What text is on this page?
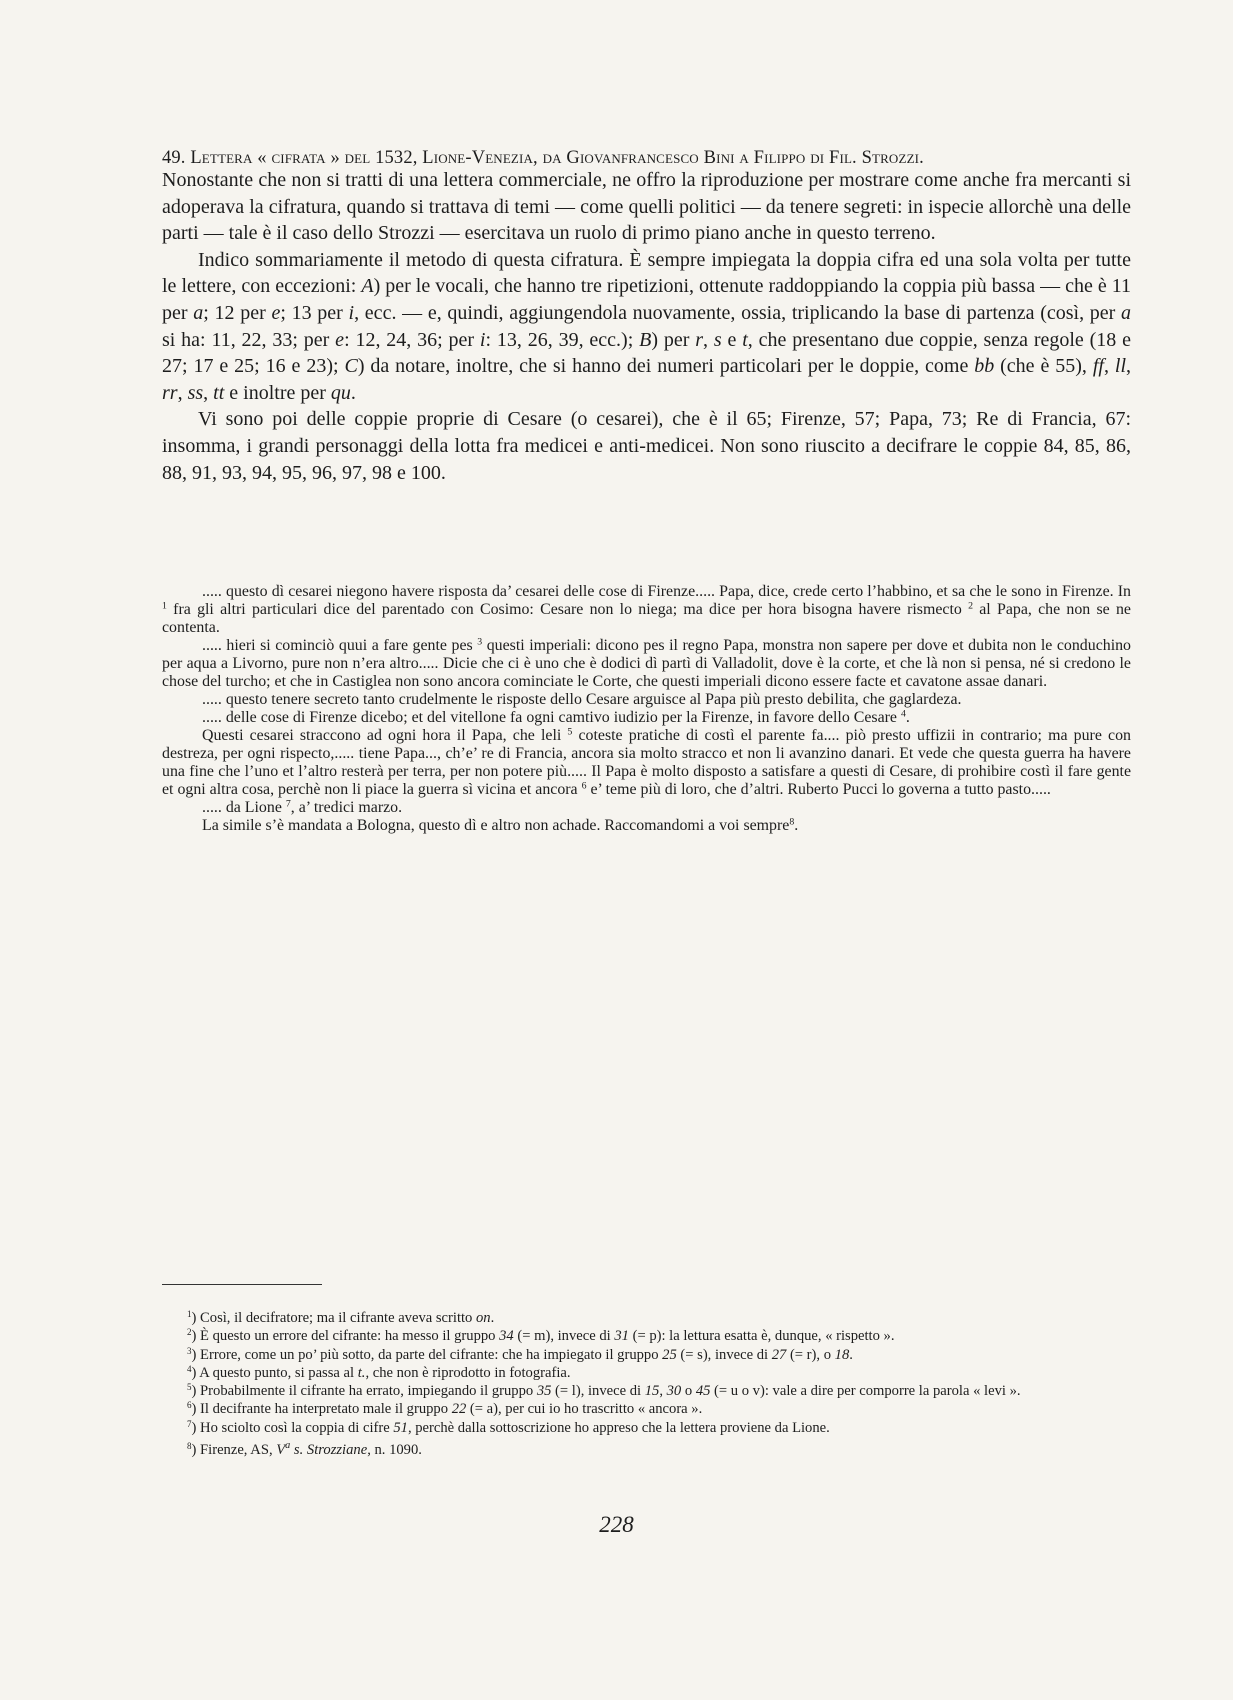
49. Lettera « cifrata » del 1532, Lione-Venezia, da Giovanfrancesco Bini a Filippo di Fil. Strozzi.

Nonostante che non si tratti di una lettera commerciale, ne offro la riproduzione per mostrare come anche fra mercanti si adoperava la cifratura, quando si trattava di temi — come quelli politici — da tenere segreti: in ispecie allorchè una delle parti — tale è il caso dello Strozzi — esercitava un ruolo di primo piano anche in questo terreno.

Indico sommariamente il metodo di questa cifratura. È sempre impiegata la doppia cifra ed una sola volta per tutte le lettere, con eccezioni: A) per le vocali, che hanno tre ripetizioni, ottenute raddoppiando la coppia più bassa — che è 11 per a; 12 per e; 13 per i, ecc. — e, quindi, aggiungendola nuovamente, ossia, triplicando la base di partenza (così, per a si ha: 11, 22, 33; per e: 12, 24, 36; per i: 13, 26, 39, ecc.); B) per r, s e t, che presentano due coppie, senza regole (18 e 27; 17 e 25; 16 e 23); C) da notare, inoltre, che si hanno dei numeri particolari per le doppie, come bb (che è 55), ff, ll, rr, ss, tt e inoltre per qu.

Vi sono poi delle coppie proprie di Cesare (o cesarei), che è il 65; Firenze, 57; Papa, 73; Re di Francia, 67: insomma, i grandi personaggi della lotta fra medicei e anti-medicei. Non sono riuscito a decifrare le coppie 84, 85, 86, 88, 91, 93, 94, 95, 96, 97, 98 e 100.

..... questo dì cesarei niegono havere risposta da’ cesarei delle cose di Firenze..... Papa, dice, crede certo l’habbino, et sa che le sono in Firenze. In $^1$ fra gli altri particulari dice del parentado con Cosimo: Cesare non lo niega; ma dice per hora bisogna havere rismecto $^2$ al Papa, che non se ne contenta.

..... hieri si cominciò quui a fare gente pes $^3$ questi imperiali: dicono pes il regno Papa, monstra non sapere per dove et dubita non le conduchino per aqua a Livorno, pure non n’era altro..... Dicie che ci è uno che è dodici dì partì di Valladolit, dove è la corte, et che là non si pensa, né si credono le chose del turcho; et che in Castiglea non sono ancora cominciate le Corte, che questi imperiali dicono essere facte et cavatone assae danari.

..... questo tenere secreto tanto crudelmente le risposte dello Cesare arguisce al Papa più presto debilita, che gaglardeza.

..... delle cose di Firenze dicebo; et del vitellone fa ogni camtivo iudizio per la Firenze, in favore dello Cesare $^4$.

Questi cesarei straccono ad ogni hora il Papa, che leli $^5$ coteste pratiche di costì el parente fa.... piò presto uffizii in contrario; ma pure con destreza, per ogni rispecto,..... tiene Papa..., ch’e’ re di Francia, ancora sia molto stracco et non li avanzino danari. Et vede che questa guerra ha havere una fine che l’uno et l’altro resterà per terra, per non potere più..... Il Papa è molto disposto a satisfare a questi di Cesare, di prohibire costì il fare gente et ogni altra cosa, perchè non li piace la guerra sì vicina et ancora $^6$ e’ teme più di loro, che d’altri. Ruberto Pucci lo governa a tutto pasto.....

..... da Lione $^7$, a’ tredici marzo.

La simile s’è mandata a Bologna, questo dì e altro non achade. Raccomandomi a voi sempre$^8$.

$^1$) Così, il decifratore; ma il cifrante aveva scritto on.

$^2$) È questo un errore del cifrante: ha messo il gruppo 34 (= m), invece di 31 (= p): la lettura esatta è, dunque, « rispetto ».

$^3$) Errore, come un po’ più sotto, da parte del cifrante: che ha impiegato il gruppo 25 (= s), invece di 27 (= r), o 18.

$^4$) A questo punto, si passa al t., che non è riprodotto in fotografia.

$^5$) Probabilmente il cifrante ha errato, impiegando il gruppo 35 (= l), invece di 15, 30 o 45 (= u o v): vale a dire per comporre la parola « levi ».

$^6$) Il decifrante ha interpretato male il gruppo 22 (= a), per cui io ho trascritto « ancora ».

$^7$) Ho sciolto così la coppia di cifre 51, perchè dalla sottoscrizione ho appreso che la lettera proviene da Lione.

$^8$) Firenze, AS, $V^a$ s. Strozziane, n. 1090.

228
